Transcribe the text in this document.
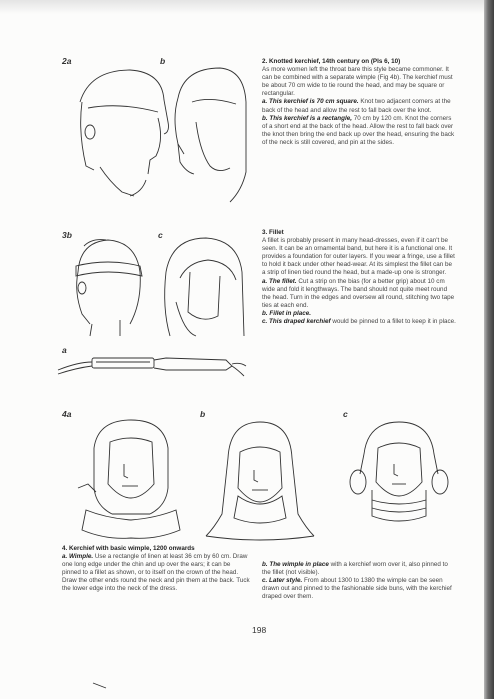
2a	b	2. Knotted kerchief, 14th century on (Pls 6, 10)

As more women left the throat bare this style became commoner. It can be combined with a separate wimple (Fig 4b). The kerchief must be about 70 cm wide to tie round the head, and may be square or rectangular.

a. This kerchief is 70 cm square. Knot two adjacent corners at the back of the head and allow the rest to fall back over the knot.

b. This kerchief is a rectangle, 70 cm by 120 cm. Knot the corners of a short end at the back of the head. Allow the rest to fall back over the knot then bring the end back up over the head, ensuring the back of the neck is still covered, and pin at the sides.

3b	c
a

3. Fillet

A fillet is probably present in many head-dresses, even if it can't be seen. It can be an ornamental band, but here it is a functional one. It provides a foundation for outer layers. If you wear a fringe, use a fillet to hold it back under other head-wear. At its simplest the fillet can be a strip of linen tied round the head, but a made-up one is stronger.

a. The fillet. Cut a strip on the bias (for a better grip) about 10 cm wide and fold it lengthways. The band should not quite meet round the head. Turn in the edges and oversew all round, stitching two tape ties at each end.

b. Fillet in place.

c. This draped kerchief would be pinned to a fillet to keep it in place.

4a	b	c

4. Kerchief with basic wimple, 1200 onwards

a. Wimple. Use a rectangle of linen at least 36 cm by 60 cm. Draw one long edge under the chin and up over the ears; it can be pinned to a fillet as shown, or to itself on the crown of the head. Draw the other ends round the neck and pin them at the back. Tuck the lower edge into the neck of the dress.

b. The wimple in place with a kerchief worn over it, also pinned to the fillet (not visible).

c. Later style. From about 1300 to 1380 the wimple can be seen drawn out and pinned to the fashionable side buns, with the kerchief draped over them.

198
